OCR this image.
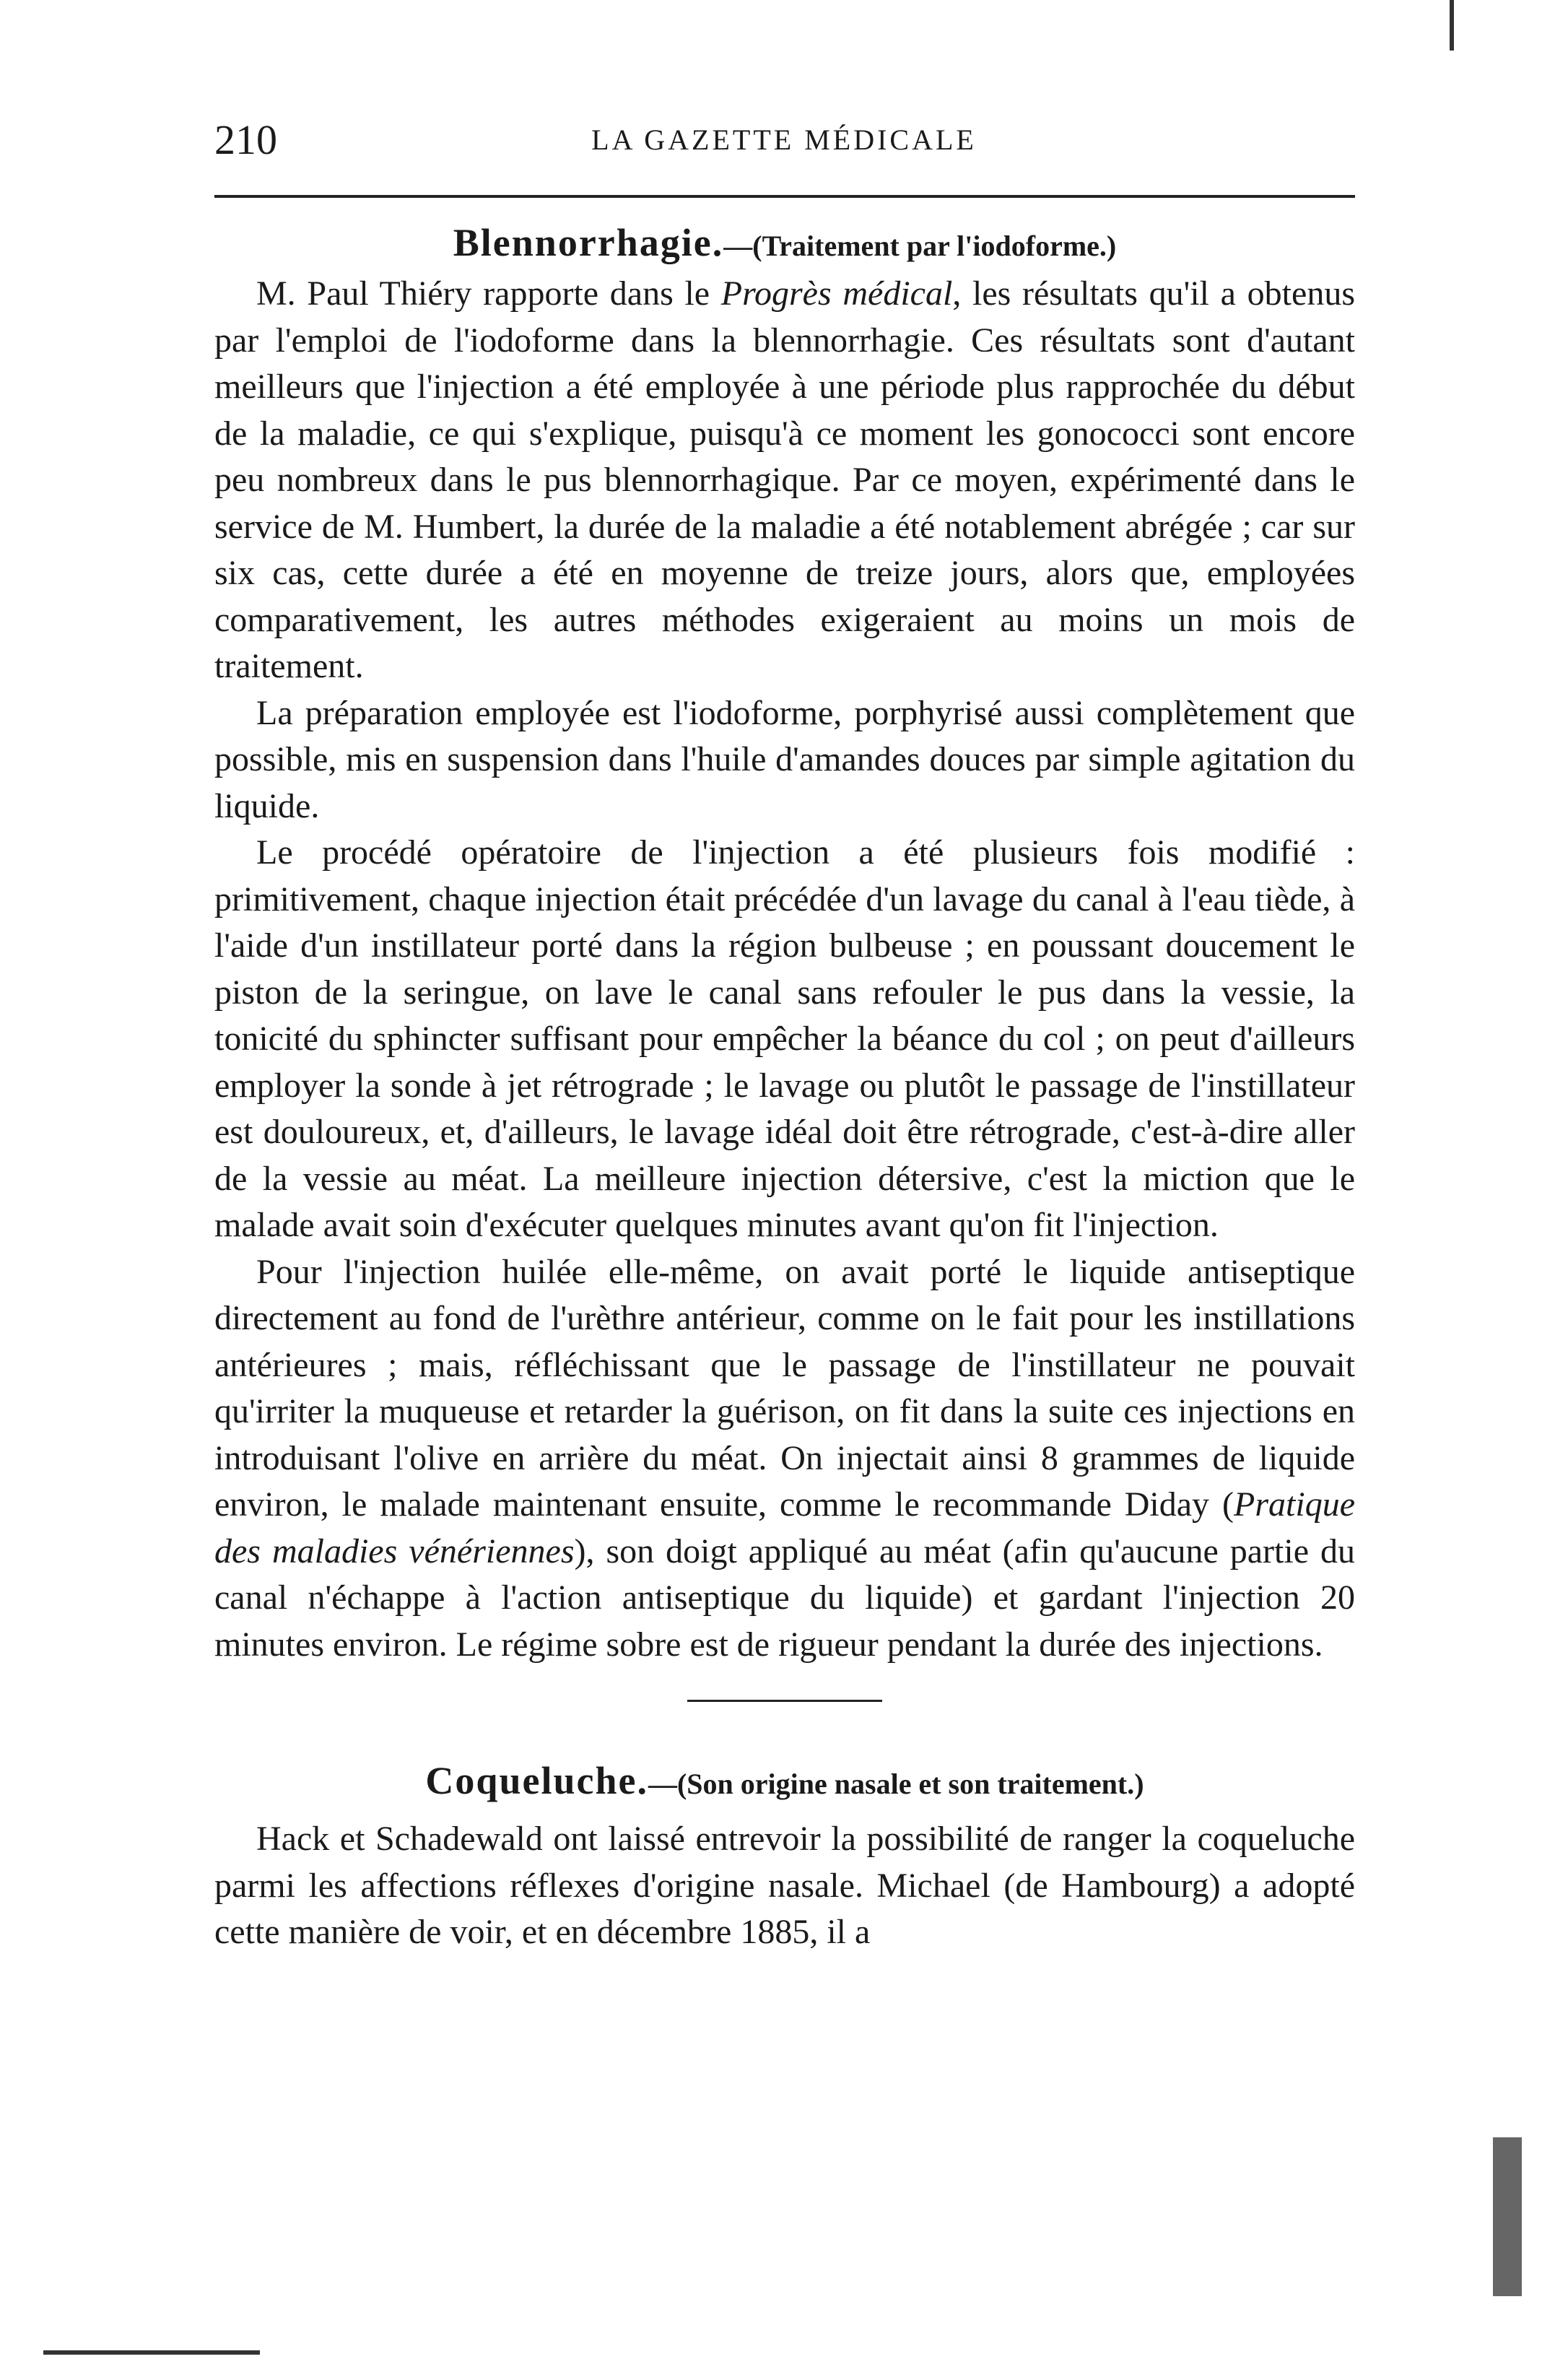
210	LA GAZETTE MÉDICALE
Blennorrhagie.—(Traitement par l'iodoforme.)

M. Paul Thiéry rapporte dans le Progrès médical, les résultats qu'il a obtenus par l'emploi de l'iodoforme dans la blennorrhagie. Ces résultats sont d'autant meilleurs que l'injection a été employée à une période plus rapprochée du début de la maladie, ce qui s'explique, puisqu'à ce moment les gonococci sont encore peu nombreux dans le pus blennorrhagique. Par ce moyen, expérimenté dans le service de M. Humbert, la durée de la maladie a été notablement abrégée ; car sur six cas, cette durée a été en moyenne de treize jours, alors que, employées comparativement, les autres méthodes exigeraient au moins un mois de traitement.

La préparation employée est l'iodoforme, porphyrisé aussi complètement que possible, mis en suspension dans l'huile d'amandes douces par simple agitation du liquide.

Le procédé opératoire de l'injection a été plusieurs fois modifié : primitivement, chaque injection était précédée d'un lavage du canal à l'eau tiède, à l'aide d'un instillateur porté dans la région bulbeuse ; en poussant doucement le piston de la seringue, on lave le canal sans refouler le pus dans la vessie, la tonicité du sphincter suffisant pour empêcher la béance du col ; on peut d'ailleurs employer la sonde à jet rétrograde ; le lavage ou plutôt le passage de l'instillateur est douloureux, et, d'ailleurs, le lavage idéal doit être rétrograde, c'est-à-dire aller de la vessie au méat. La meilleure injection détersive, c'est la miction que le malade avait soin d'exécuter quelques minutes avant qu'on fit l'injection.

Pour l'injection huilée elle-même, on avait porté le liquide antiseptique directement au fond de l'urèthre antérieur, comme on le fait pour les instillations antérieures ; mais, réfléchissant que le passage de l'instillateur ne pouvait qu'irriter la muqueuse et retarder la guérison, on fit dans la suite ces injections en introduisant l'olive en arrière du méat. On injectait ainsi 8 grammes de liquide environ, le malade maintenant ensuite, comme le recommande Diday (Pratique des maladies vénériennes), son doigt appliqué au méat (afin qu'aucune partie du canal n'échappe à l'action antiseptique du liquide) et gardant l'injection 20 minutes environ. Le régime sobre est de rigueur pendant la durée des injections.

Coqueluche.—(Son origine nasale et son traitement.)

Hack et Schadewald ont laissé entrevoir la possibilité de ranger la coqueluche parmi les affections réflexes d'origine nasale. Michael (de Hambourg) a adopté cette manière de voir, et en décembre 1885, il a
